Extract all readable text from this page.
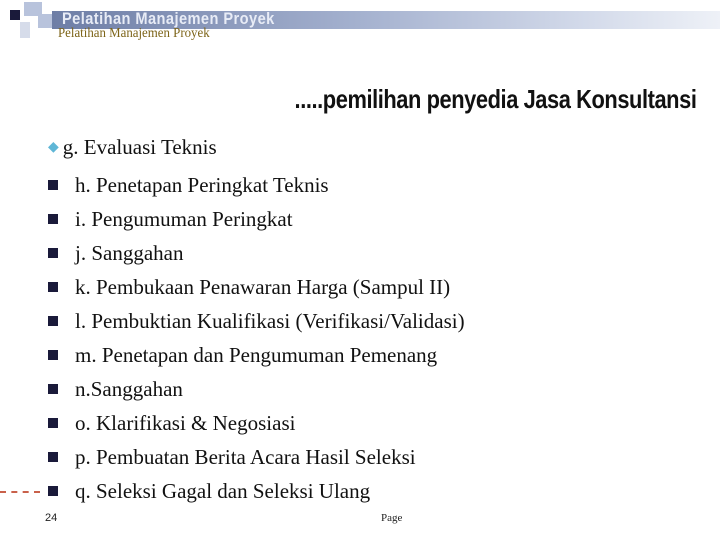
Pelatihan Manajemen Proyek

Pelatihan Manajemen Proyek

.....pemilihan penyedia Jasa Konsultansi

◆ g. Evaluasi Teknis

h. Penetapan Peringkat Teknis
i. Pengumuman Peringkat
j. Sanggahan
k. Pembukaan Penawaran Harga (Sampul II)
l. Pembuktian Kualifikasi (Verifikasi/Validasi)
m. Penetapan dan Pengumuman Pemenang
n.Sanggahan
o. Klarifikasi & Negosiasi
p. Pembuatan Berita Acara Hasil Seleksi
q. Seleksi Gagal dan Seleksi Ulang

24	Page
